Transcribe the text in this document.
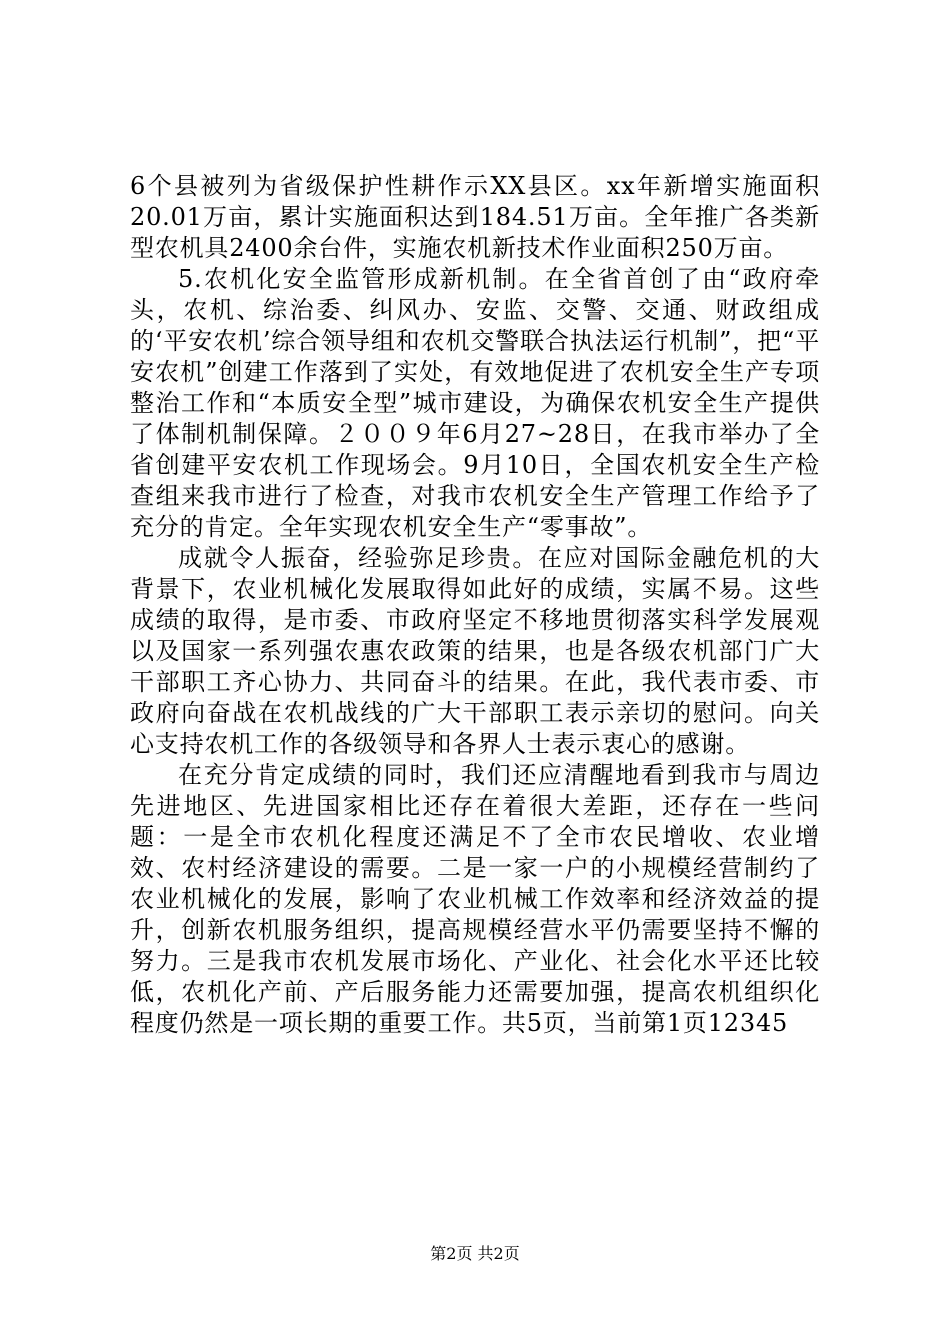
6个县被列为省级保护性耕作示XX县区。xx年新增实施面积20.01万亩，累计实施面积达到184.51万亩。全年推广各类新型农机具2400余台件，实施农机新技术作业面积250万亩。

5.农机化安全监管形成新机制。在全省首创了由“政府牵头，农机、综治委、纠风办、安监、交警、交通、财政组成的‘平安农机’综合领导组和农机交警联合执法运行机制”，把“平安农机”创建工作落到了实处，有效地促进了农机安全生产专项整治工作和“本质安全型”城市建设，为确保农机安全生产提供了体制机制保障。２００９年6月27~28日，在我市举办了全省创建平安农机工作现场会。9月10日，全国农机安全生产检查组来我市进行了检查，对我市农机安全生产管理工作给予了充分的肯定。全年实现农机安全生产“零事故”。

成就令人振奋，经验弥足珍贵。在应对国际金融危机的大背景下，农业机械化发展取得如此好的成绩，实属不易。这些成绩的取得，是市委、市政府坚定不移地贯彻落实科学发展观以及国家一系列强农惠农政策的结果，也是各级农机部门广大干部职工齐心协力、共同奋斗的结果。在此，我代表市委、市政府向奋战在农机战线的广大干部职工表示亲切的慰问。向关心支持农机工作的各级领导和各界人士表示衷心的感谢。

在充分肯定成绩的同时，我们还应清醒地看到我市与周边先进地区、先进国家相比还存在着很大差距，还存在一些问题：一是全市农机化程度还满足不了全市农民增收、农业增效、农村经济建设的需要。二是一家一户的小规模经营制约了农业机械化的发展，影响了农业机械工作效率和经济效益的提升，创新农机服务组织，提高规模经营水平仍需要坚持不懈的努力。三是我市农机发展市场化、产业化、社会化水平还比较低，农机化产前、产后服务能力还需要加强，提高农机组织化程度仍然是一项长期的重要工作。共5页，当前第1页12345

第2页 共2页
